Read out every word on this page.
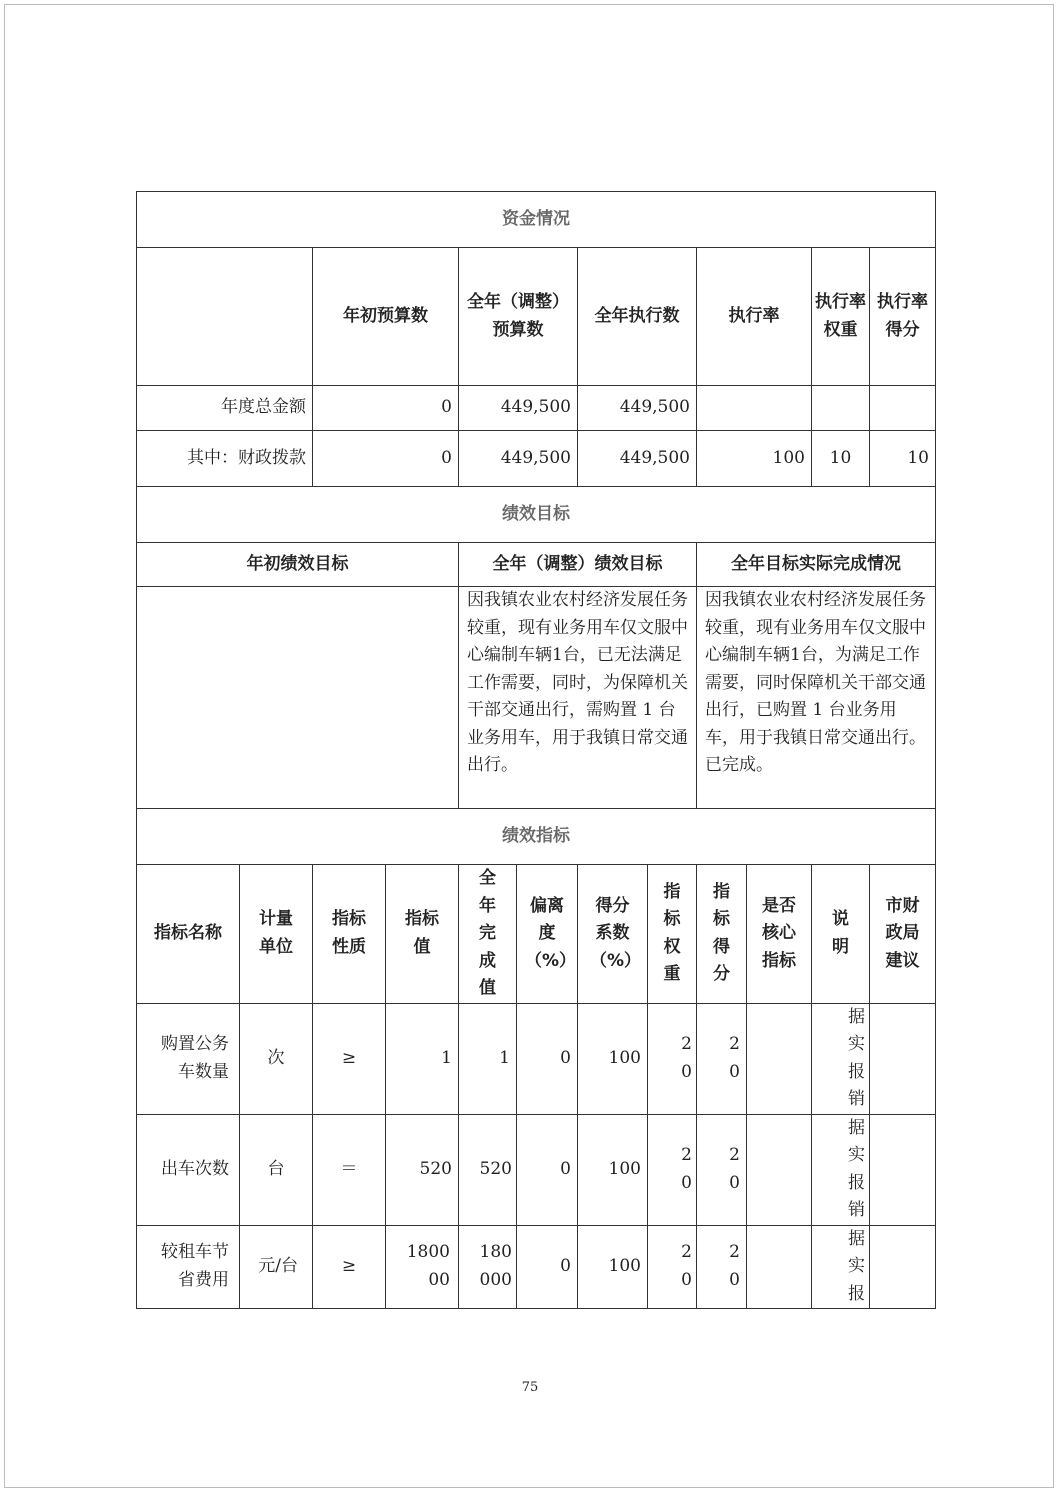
资金情况											
		年初预算数		全年（调整）预算数		全年执行数		执行率		执行率权重	执行率得分
年度总金额		0		449,500		449,500					
其中：财政拨款		0		449,500		449,500		100		10	10
绩效目标											
年初绩效目标				全年（调整）绩效目标				全年目标实际完成情况			
				因我镇农业农村经济发展任务较重，现有业务用车仅文服中心编制车辆1台，已无法满足工作需要，同时，为保障机关干部交通出行，需购置 1 台业务用车，用于我镇日常交通出行。				因我镇农业农村经济发展任务较重，现有业务用车仅文服中心编制车辆1台，为满足工作需要，同时保障机关干部交通出行，已购置 1 台业务用车，用于我镇日常交通出行。已完成。			
绩效指标											
指标名称	计量单位	指标性质	指标值	全年完成值	偏离度（%）	得分系数（%）	指标权重	指标得分	是否核心指标	说明	市财政局建议
购置公务车数量	次	≥	1	1	0	100	20	20		据实报销	
出车次数	台	＝	520	520	0	100	20	20		据实报销	
较租车节省费用	元/台	≥	180000	180000	0	100	20	20		据实报	
75
